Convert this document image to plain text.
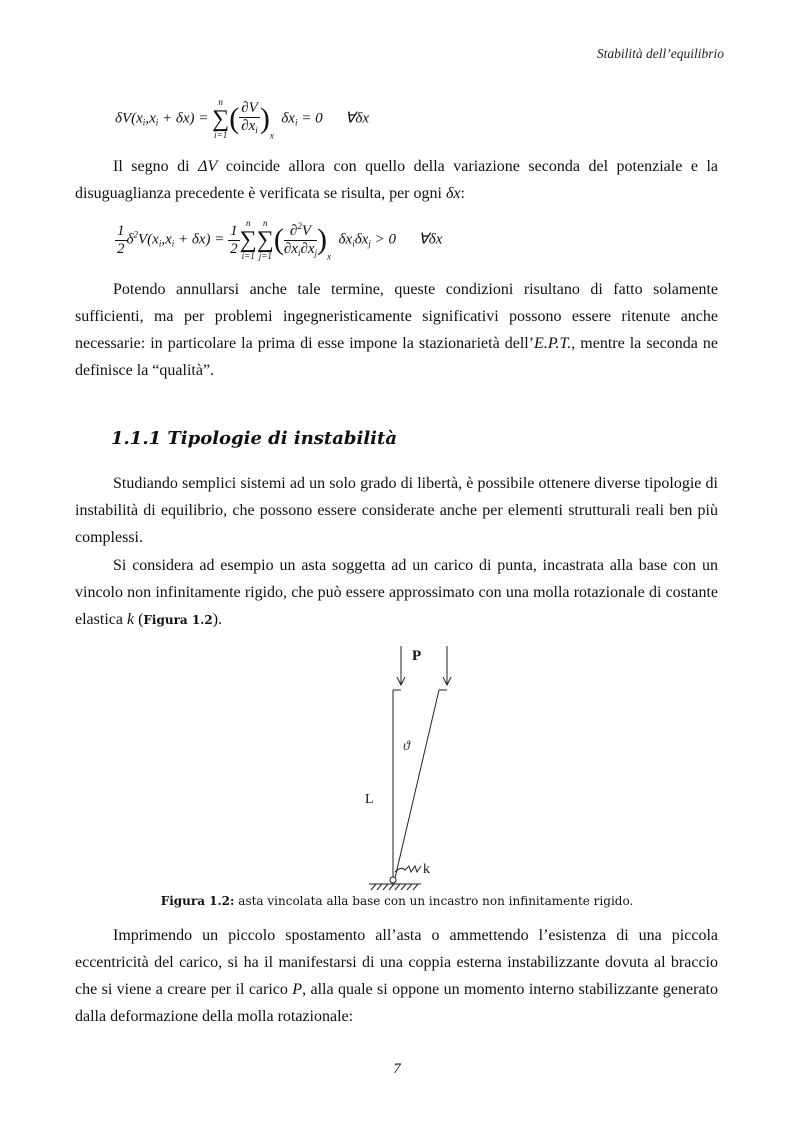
Stabilità dell’equilibrio
$\delta V(x_i,x_i + \delta x) = n$
∑
$i=1( \frac{\partial V}{\partial x_i} )_x$  $\delta x_i = 0$ ∀δx
Il segno di ΔV coincide allora con quello della variazione seconda del potenziale e la disuguaglianza precedente è verificata se risulta, per ogni δx:
$\frac{1}{2} \delta^2V(x_i,x_i + \delta x) = \frac{1}{2}$ n
∑
i=1n
∑
$j=1( \frac{\partial^2V}{\partial x_i\partial x_j} )_x$  $\delta x_i\delta x_j > 0$ ∀δx
Potendo annullarsi anche tale termine, queste condizioni risultano di fatto solamente sufficienti, ma per problemi ingegneristicamente significativi possono essere ritenute anche necessarie: in particolare la prima di esse impone la stazionarietà dell’E.P.T., mentre la seconda ne definisce la “qualità”.
1.1.1 Tipologie di instabilità
Studiando semplici sistemi ad un solo grado di libertà, è possibile ottenere diverse tipologie di instabilità di equilibrio, che possono essere considerate anche per elementi strutturali reali ben più complessi.
Si considera ad esempio un asta soggetta ad un carico di punta, incastrata alla base con un vincolo non infinitamente rigido, che può essere approssimato con una molla rotazionale di costante elastica k (Figura 1.2).
P
ϑ
L
k
Figura 1.2: asta vincolata alla base con un incastro non infinitamente rigido.
Imprimendo un piccolo spostamento all’asta o ammettendo l’esistenza di una piccola eccentricità del carico, si ha il manifestarsi di una coppia esterna instabilizzante dovuta al braccio che si viene a creare per il carico P, alla quale si oppone un momento interno stabilizzante generato dalla deformazione della molla rotazionale:
7
